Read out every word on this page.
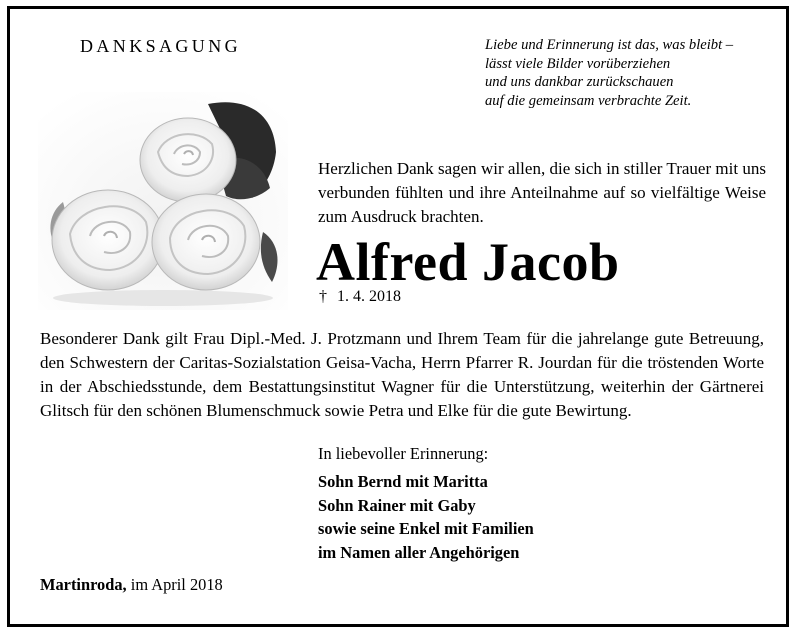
DANKSAGUNG	Liebe und Erinnerung ist das, was bleibt –
lässt viele Bilder vorüberziehen
und uns dankbar zurückschauen
auf die gemeinsam verbrachte Zeit.
Herzlichen Dank sagen wir allen, die sich in stiller Trauer mit uns verbunden fühlten und ihre Anteilnahme auf so vielfältige Weise zum Ausdruck brachten.
Alfred Jacob
† 1. 4. 2018
Besonderer Dank gilt Frau Dipl.-Med. J. Protzmann und Ihrem Team für die jahrelange gute Betreuung, den Schwestern der Caritas-Sozialstation Geisa-Vacha, Herrn Pfarrer R. Jourdan für die tröstenden Worte in der Abschiedsstunde, dem Bestattungsinstitut Wagner für die Unterstützung, weiterhin der Gärtnerei Glitsch für den schönen Blumenschmuck sowie Petra und Elke für die gute Bewirtung.
In liebevoller Erinnerung:
Sohn Bernd mit Maritta
Sohn Rainer mit Gaby
sowie seine Enkel mit Familien
im Namen aller Angehörigen
Martinroda, im April 2018
